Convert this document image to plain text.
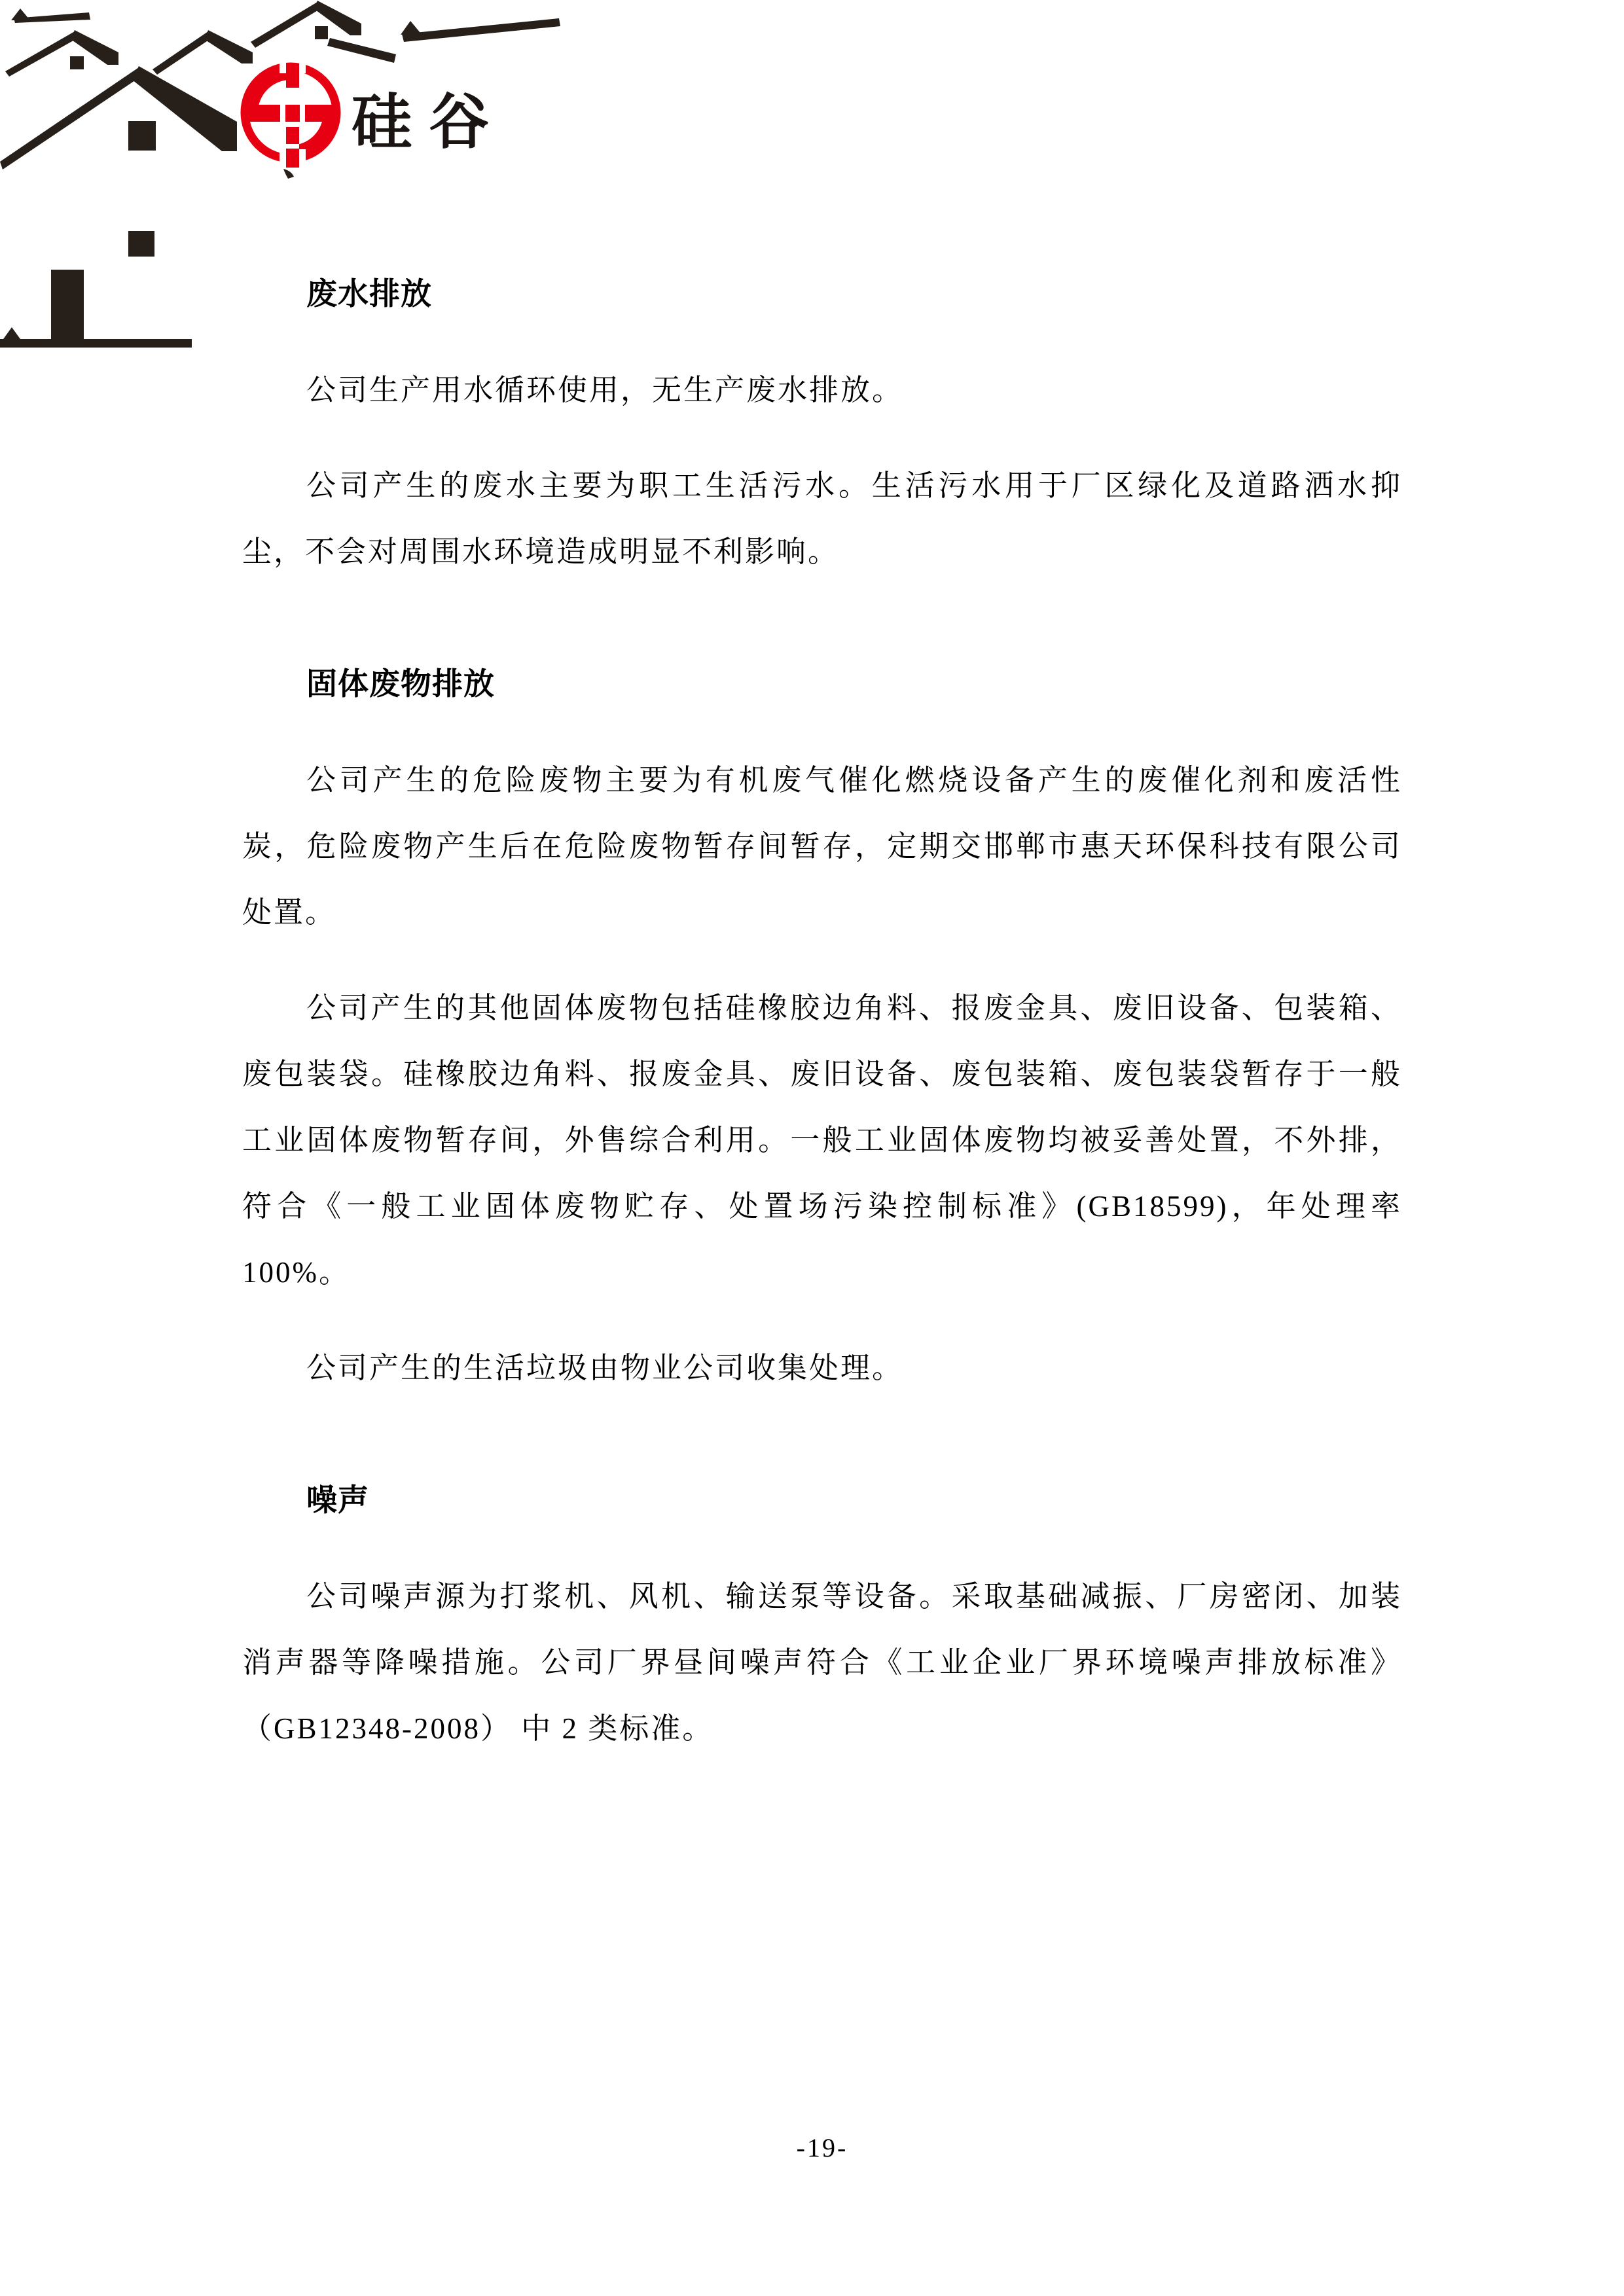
硅谷
废水排放

公司生产用水循环使用，无生产废水排放。

公司产生的废水主要为职工生活污水。生活污水用于厂区绿化及道路洒水抑尘，不会对周围水环境造成明显不利影响。

固体废物排放

公司产生的危险废物主要为有机废气催化燃烧设备产生的废催化剂和废活性炭，危险废物产生后在危险废物暂存间暂存，定期交邯郸市惠天环保科技有限公司处置。

公司产生的其他固体废物包括硅橡胶边角料、报废金具、废旧设备、包装箱、废包装袋。硅橡胶边角料、报废金具、废旧设备、废包装箱、废包装袋暂存于一般工业固体废物暂存间，外售综合利用。一般工业固体废物均被妥善处置，不外排，符合《一般工业固体废物贮存、处置场污染控制标准》(GB18599)，年处理率100%。

公司产生的生活垃圾由物业公司收集处理。

噪声

公司噪声源为打浆机、风机、输送泵等设备。采取基础减振、厂房密闭、加装消声器等降噪措施。公司厂界昼间噪声符合《工业企业厂界环境噪声排放标准》（GB12348-2008） 中 2 类标准。

-19-
